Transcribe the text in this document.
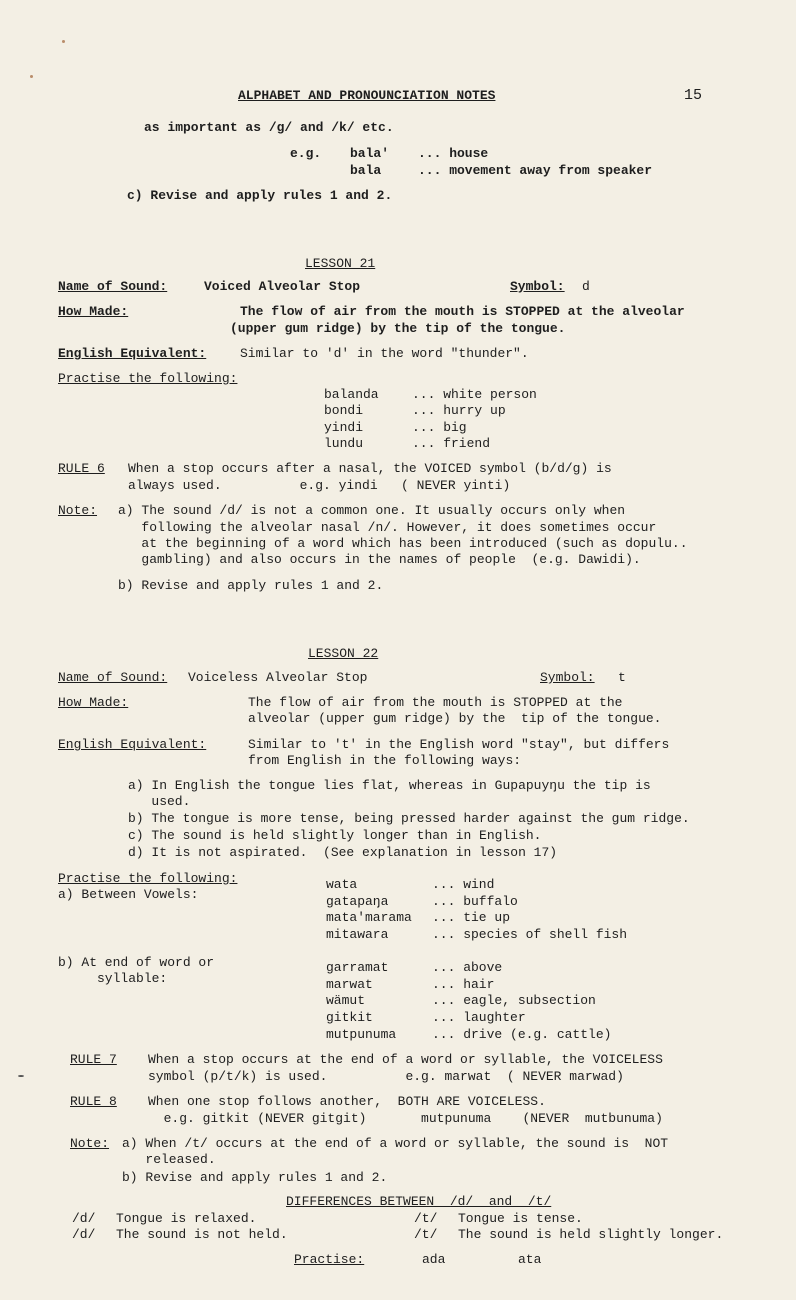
ALPHABET AND PRONOUNCIATION NOTES	15
as important as /g/ and /k/ etc.
e.g. bala' ... house
bala	... movement away from speaker
c) Revise and apply rules 1 and 2.
LESSON 21
Name of Sound:	Voiced Alveolar Stop	Symbol: d
How Made:	The flow of air from the mouth is STOPPED at the alveolar
(upper gum ridge) by the tip of the tongue.
English Equivalent:	Similar to 'd' in the word "thunder".
Practise the following:
balanda	... white person
bondi	... hurry up
yindi	... big
lundu	... friend
RULE 6 When a stop occurs after a nasal, the VOICED symbol (b/d/g) is
always used.          e.g. yindi   ( NEVER yinti)
Note: a) The sound /d/ is not a common one. It usually occurs only when
following the alveolar nasal /n/. However, it does sometimes occur
at the beginning of a word which has been introduced (such as dopulu..
gambling) and also occurs in the names of people  (e.g. Dawidi).
b) Revise and apply rules 1 and 2.
LESSON 22
Name of Sound: Voiceless Alveolar Stop	Symbol: t
How Made:	The flow of air from the mouth is STOPPED at the
alveolar (upper gum ridge) by the  tip of the tongue.
English Equivalent:	Similar to 't' in the English word "stay", but differs
from English in the following ways:
a) In English the tongue lies flat, whereas in Gupapuyŋu the tip is
used.
b) The tongue is more tense, being pressed harder against the gum ridge.
c) The sound is held slightly longer than in English.
d) It is not aspirated.  (See explanation in lesson 17)
Practise the following:
a) Between Vowels:
wata	... wind
gatapaŋa	... buffalo
mata'marama ... tie up
mitawara	... species of shell fish
b) At end of word or
syllable:
garramat	... above
marwat	... hair
wämut	... eagle, subsection
gitkit	... laughter
mutpunuma	... drive (e.g. cattle)
RULE 7 When a stop occurs at the end of a word or syllable, the VOICELESS
symbol (p/t/k) is used.          e.g. marwat  ( NEVER marwad)
RULE 8 When one stop follows another,  BOTH ARE VOICELESS.
e.g. gitkit (NEVER gitgit)       mutpunuma    (NEVER  mutbunuma)
Note: a) When /t/ occurs at the end of a word or syllable, the sound is  NOT
released.
b) Revise and apply rules 1 and 2.
DIFFERENCES BETWEEN  /d/  and  /t/
/d/ Tongue is relaxed.	/t/ Tongue is tense.
/d/ The sound is not held.	/t/ The sound is held slightly longer.
Practise:	ada	ata
